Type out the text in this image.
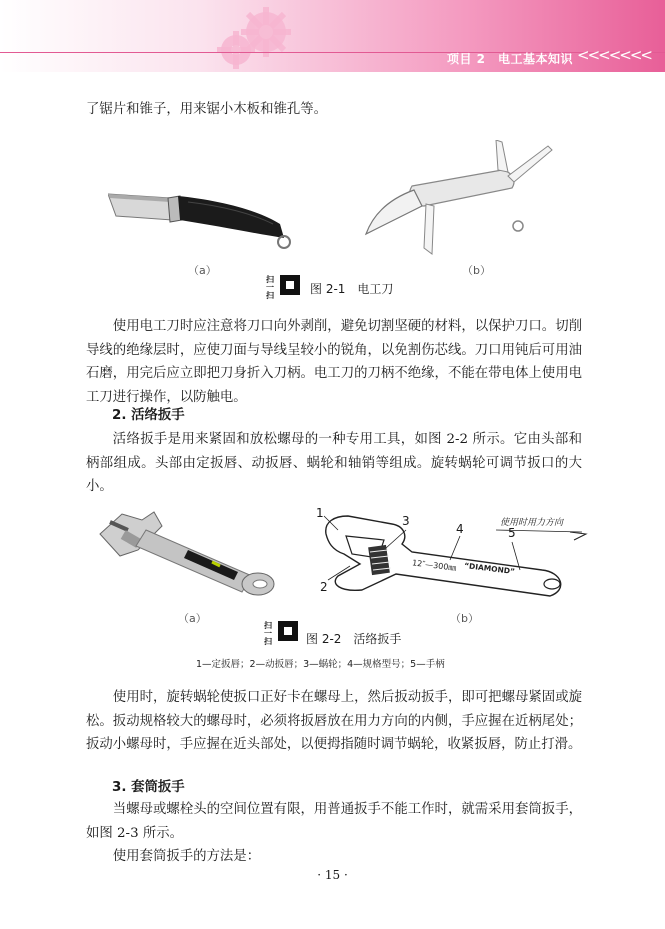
项目 2　电工基本知识 <<<<<<<

了锯片和锥子，用来锯小木板和锥孔等。

（a）	（b）
扫
一
扫	图 2-1　电工刀

使用电工刀时应注意将刀口向外剥削，避免切割坚硬的材料，以保护刀口。切削导线的绝缘层时，应使刀面与导线呈较小的锐角，以免割伤芯线。刀口用钝后可用油石磨，用完后应立即把刀身折入刀柄。电工刀的刀柄不绝缘，不能在带电体上使用电工刀进行操作，以防触电。

2. 活络扳手

活络扳手是用来紧固和放松螺母的一种专用工具，如图 2-2 所示。它由头部和柄部组成。头部由定扳唇、动扳唇、蜗轮和轴销等组成。旋转蜗轮可调节扳口的大小。

（a）
1
2
3
4	5
使用时用力方向
12″—300㎜ “DIAMOND”
（b）
扫
一
扫	图 2-2　活络扳手
1—定扳唇；2—动扳唇；3—蜗轮；4—规格型号；5—手柄

使用时，旋转蜗轮使扳口正好卡在螺母上，然后扳动扳手，即可把螺母紧固或旋松。扳动规格较大的螺母时，必须将扳唇放在用力方向的内侧，手应握在近柄尾处；扳动小螺母时，手应握在近头部处，以便拇指随时调节蜗轮，收紧扳唇，防止打滑。

3. 套筒扳手

当螺母或螺栓头的空间位置有限，用普通扳手不能工作时，就需采用套筒扳手，如图 2-3 所示。

使用套筒扳手的方法是：

· 15 ·
